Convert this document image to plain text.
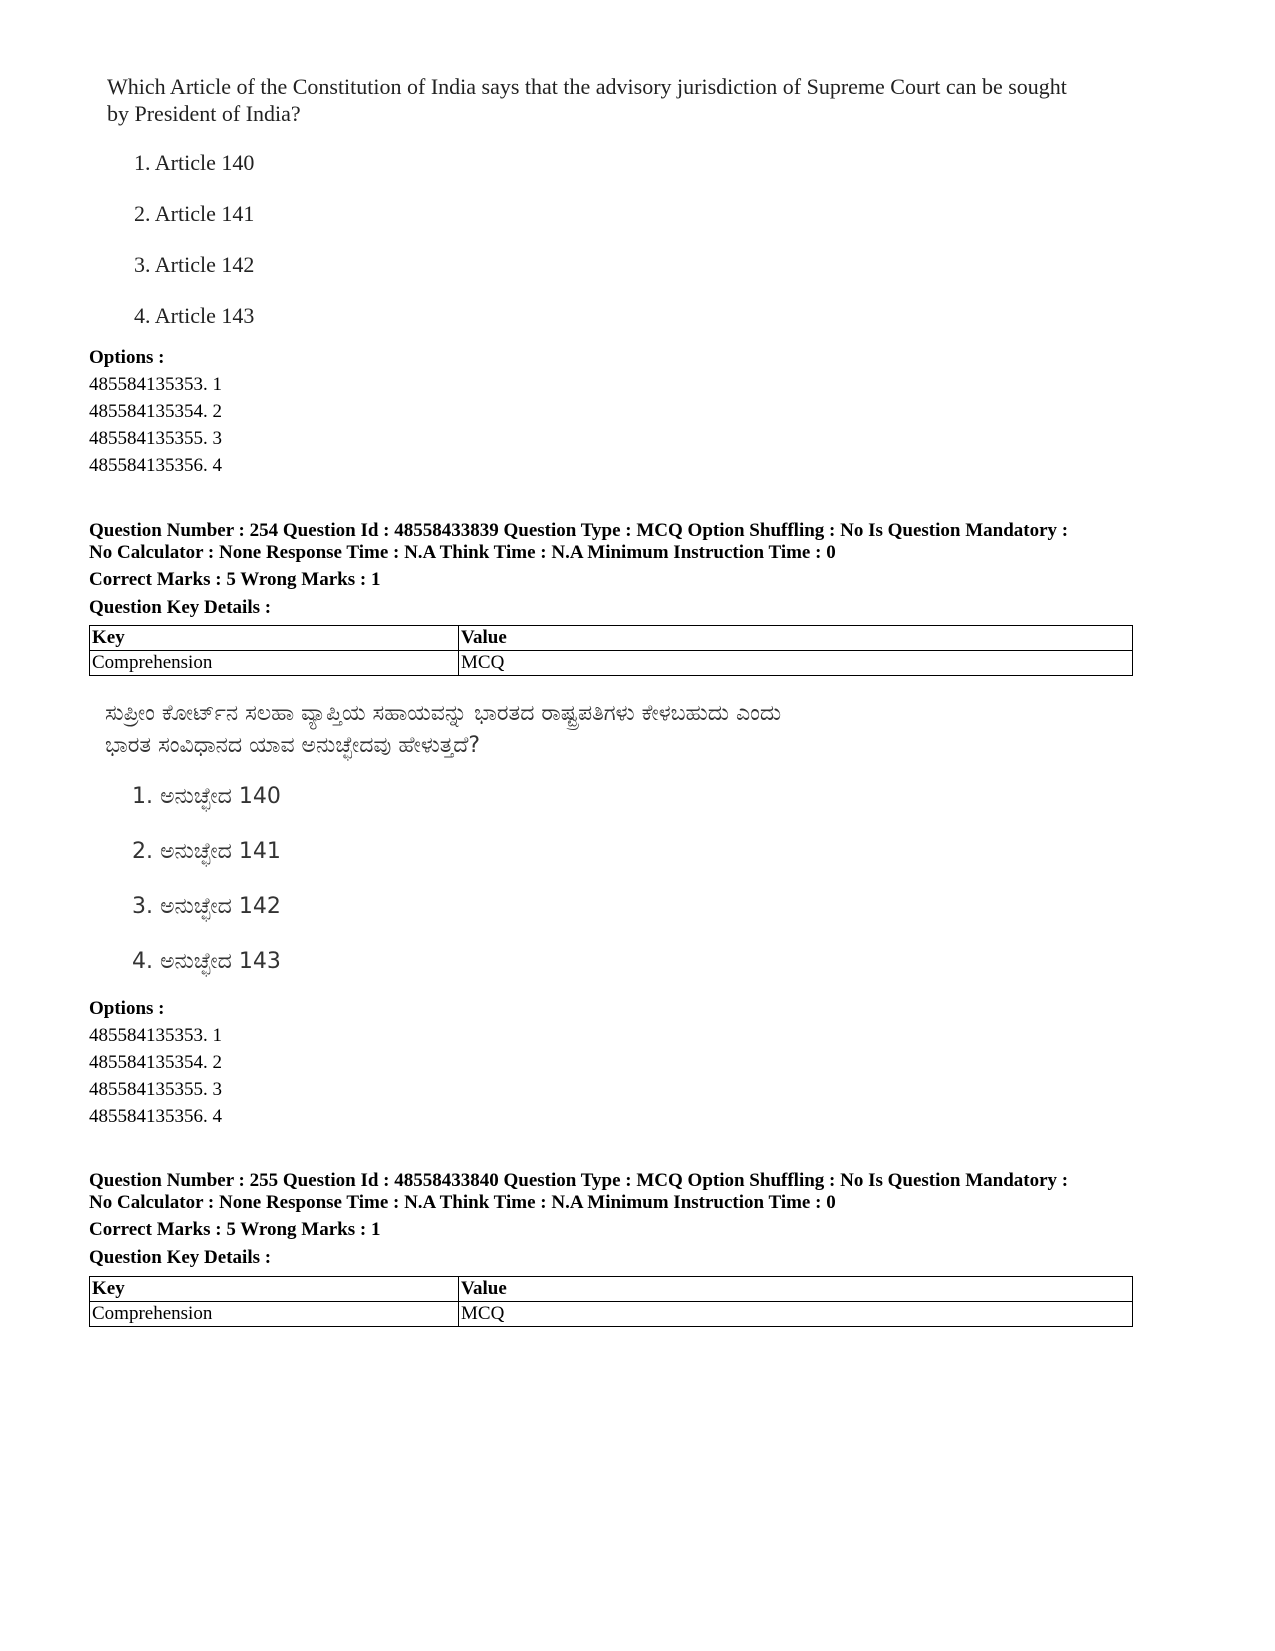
Which Article of the Constitution of India says that the advisory jurisdiction of Supreme Court can be sought
by President of India?
1. Article 140
2. Article 141
3. Article 142
4. Article 143
Options :
485584135353. 1
485584135354. 2
485584135355. 3
485584135356. 4
Question Number : 254 Question Id : 48558433839 Question Type : MCQ Option Shuffling : No Is Question Mandatory :
No Calculator : None Response Time : N.A Think Time : N.A Minimum Instruction Time : 0
Correct Marks : 5 Wrong Marks : 1
Question Key Details :
Key	Value
Comprehension	MCQ
ಸುಪ್ರೀಂ ಕೋರ್ಟ್‌ನ ಸಲಹಾ ವ್ಯಾಪ್ತಿಯ ಸಹಾಯವನ್ನು ಭಾರತದ ರಾಷ್ಟ್ರಪತಿಗಳು ಕೇಳಬಹುದು ಎಂದು
ಭಾರತ ಸಂವಿಧಾನದ ಯಾವ ಅನುಚ್ಛೇದವು ಹೇಳುತ್ತದೆ?
1. ಅನುಚ್ಛೇದ 140
2. ಅನುಚ್ಛೇದ 141
3. ಅನುಚ್ಛೇದ 142
4. ಅನುಚ್ಛೇದ 143
Options :
485584135353. 1
485584135354. 2
485584135355. 3
485584135356. 4
Question Number : 255 Question Id : 48558433840 Question Type : MCQ Option Shuffling : No Is Question Mandatory :
No Calculator : None Response Time : N.A Think Time : N.A Minimum Instruction Time : 0
Correct Marks : 5 Wrong Marks : 1
Question Key Details :
Key	Value
Comprehension	MCQ
